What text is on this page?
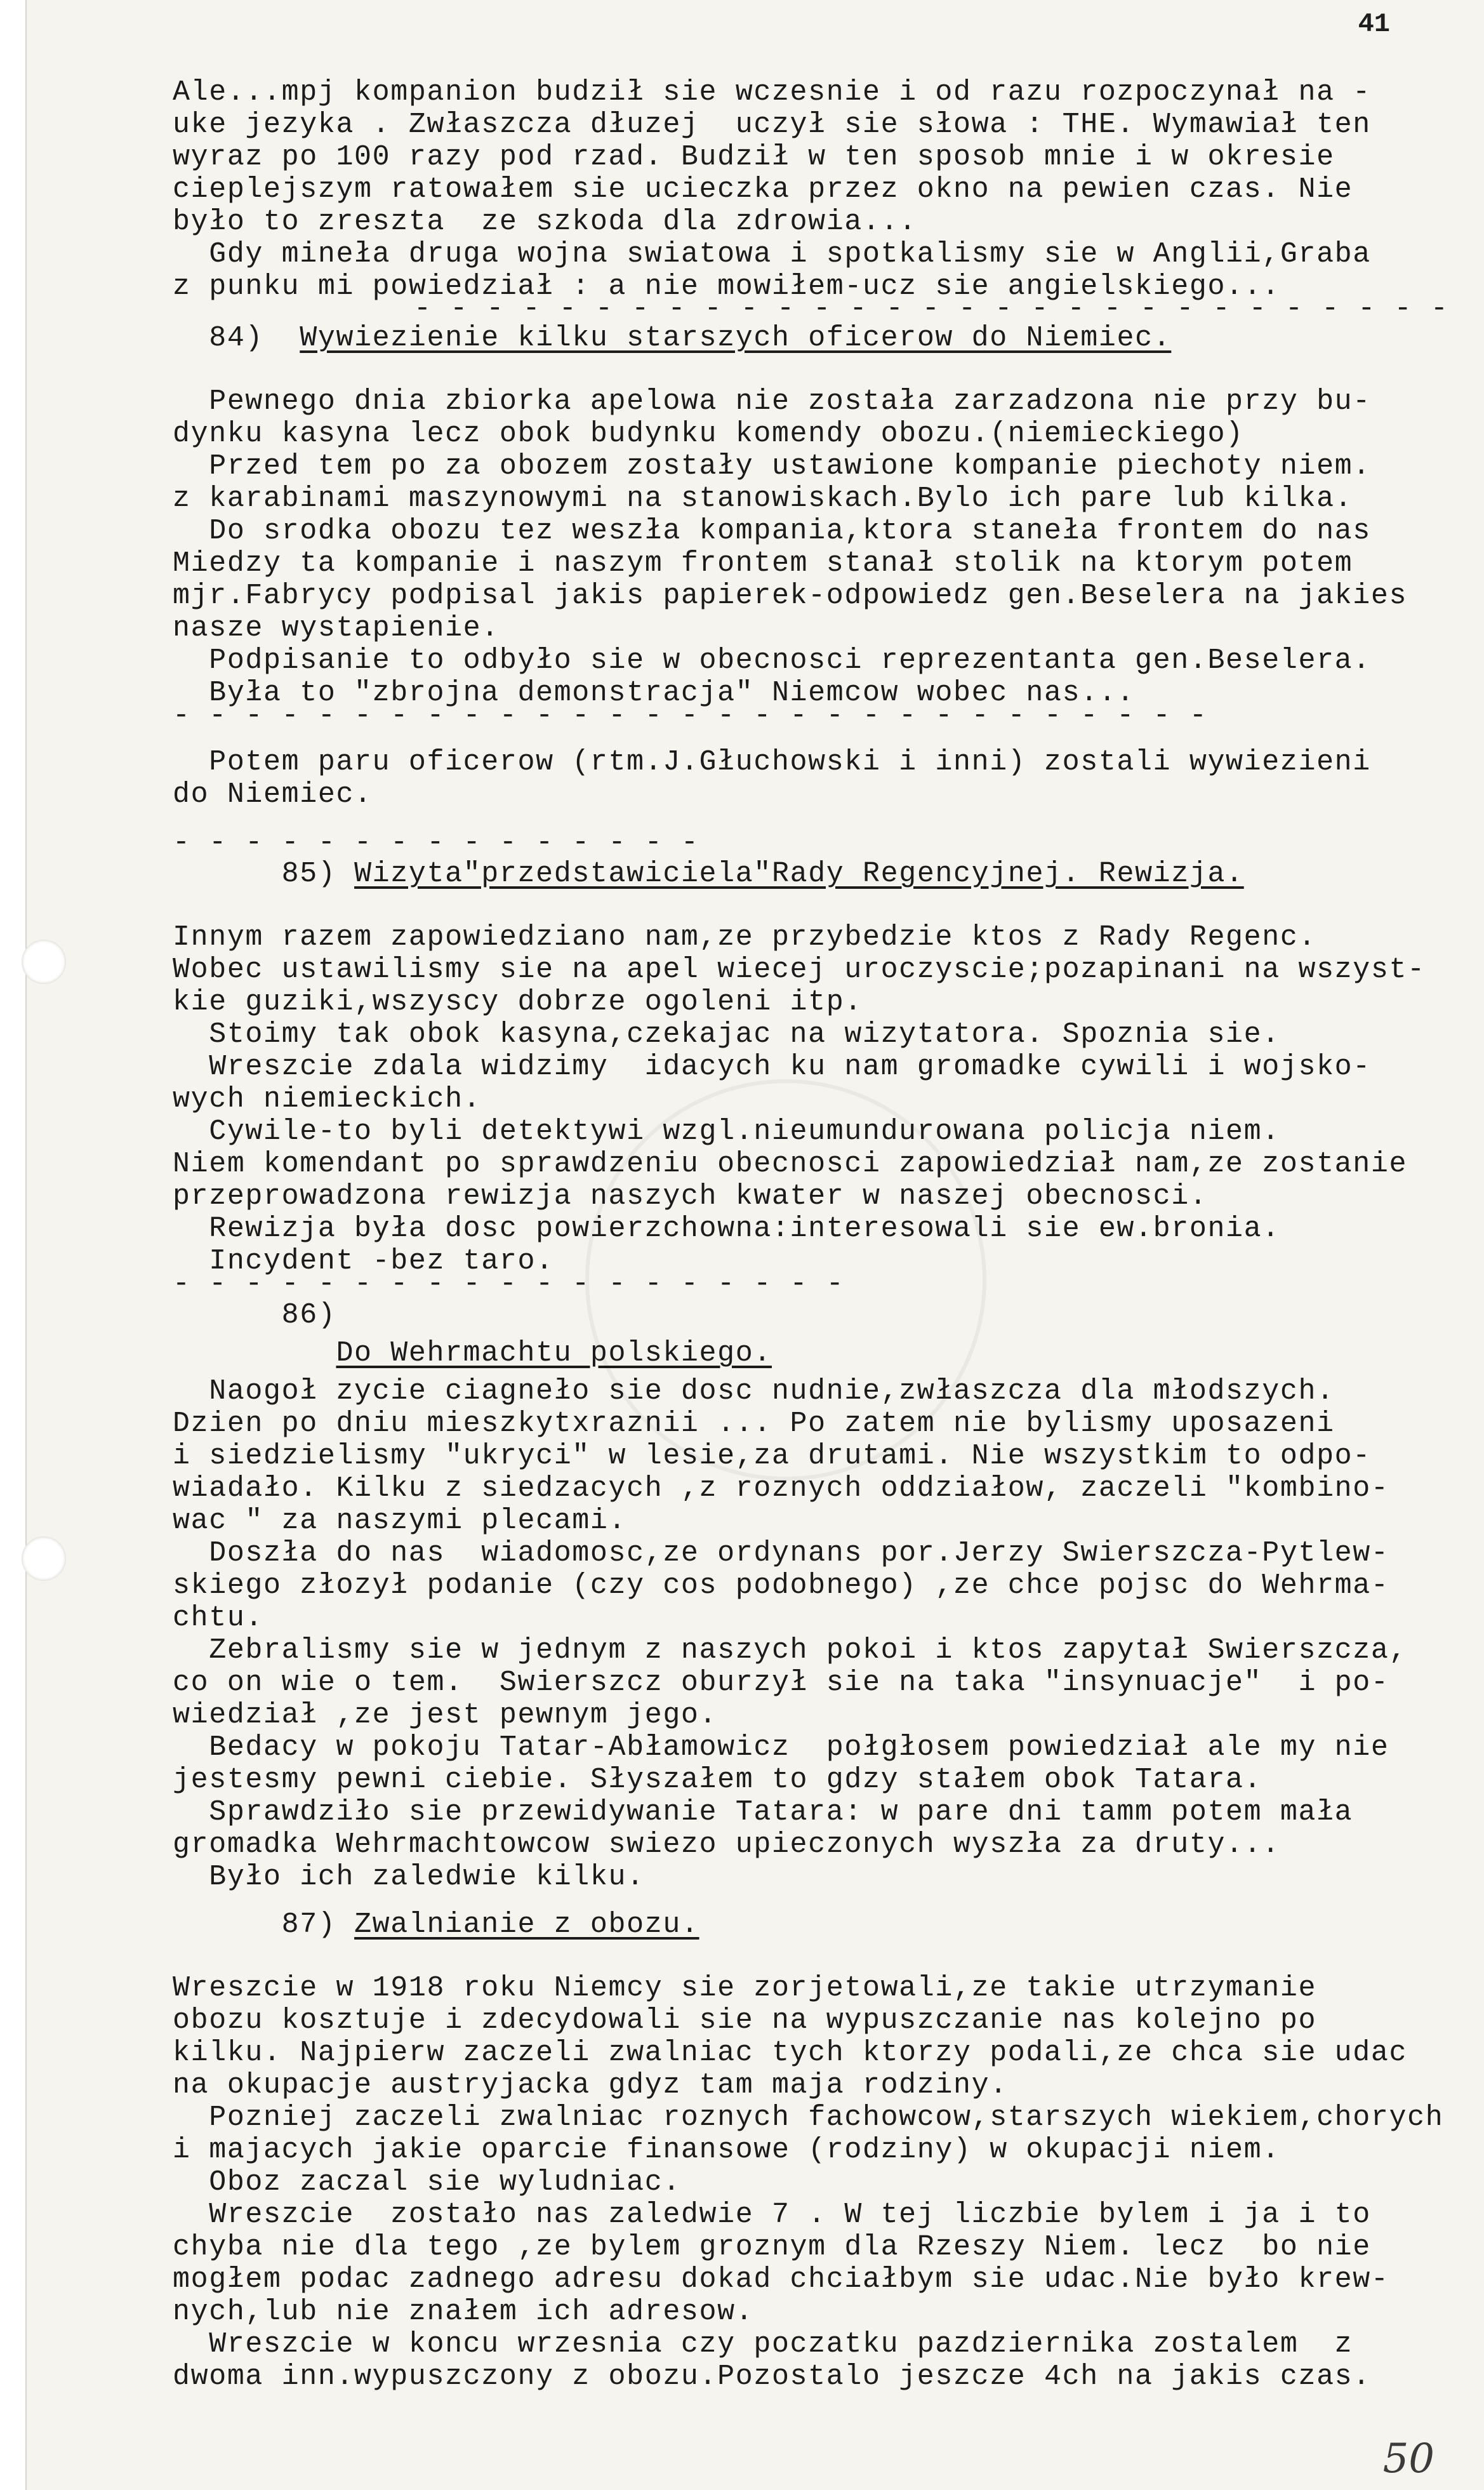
41
Ale...mpj kompanion budził sie wczesnie i od razu rozpoczynał na -
uke jezyka . Zwłaszcza dłuzej  uczył sie słowa : THE. Wymawiał ten
wyraz po 100 razy pod rzad. Budził w ten sposob mnie i w okresie
cieplejszym ratowałem sie ucieczka przez okno na pewien czas. Nie
było to zreszta  ze szkoda dla zdrowia...
Gdy mineła druga wojna swiatowa i spotkalismy sie w Anglii,Graba
z punku mi powiedział : a nie mowiłem-ucz sie angielskiego...
- - - - - - - - - - - - - - - - - - - - - - - - - - - - -
84) Wywiezienie kilku starszych oficerow do Niemiec.
Pewnego dnia zbiorka apelowa nie została zarzadzona nie przy bu-
dynku kasyna lecz obok budynku komendy obozu.(niemieckiego)
Przed tem po za obozem zostały ustawione kompanie piechoty niem.
z karabinami maszynowymi na stanowiskach.Bylo ich pare lub kilka.
Do srodka obozu tez weszła kompania,ktora staneła frontem do nas
Miedzy ta kompanie i naszym frontem stanał stolik na ktorym potem
mjr.Fabrycy podpisal jakis papierek-odpowiedz gen.Beselera na jakies
nasze wystapienie.
Podpisanie to odbyło sie w obecnosci reprezentanta gen.Beselera.
Była to "zbrojna demonstracja" Niemcow wobec nas...
- - - - - - - - - - - - - - - - - - - - - - - - - - - - -
Potem paru oficerow (rtm.J.Głuchowski i inni) zostali wywiezieni
do Niemiec.
- - - - - - - - - - - - - - -
85) Wizyta"przedstawiciela"Rady Regencyjnej. Rewizja.
Innym razem zapowiedziano nam,ze przybedzie ktos z Rady Regenc.
Wobec ustawilismy sie na apel wiecej uroczyscie;pozapinani na wszyst-
kie guziki,wszyscy dobrze ogoleni itp.
Stoimy tak obok kasyna,czekajac na wizytatora. Spoznia sie.
Wreszcie zdala widzimy  idacych ku nam gromadke cywili i wojsko-
wych niemieckich.
Cywile-to byli detektywi wzgl.nieumundurowana policja niem.
Niem komendant po sprawdzeniu obecnosci zapowiedział nam,ze zostanie
przeprowadzona rewizja naszych kwater w naszej obecnosci.
Rewizja była dosc powierzchowna:interesowali sie ew.bronia.
Incydent -bez taro.
- - - - - - - - - - - - - - - - - - -
86)
Do Wehrmachtu polskiego.
Naogoł zycie ciagneło sie dosc nudnie,zwłaszcza dla młodszych.
Dzien po dniu mieszkytxraznii ... Po zatem nie bylismy uposazeni
i siedzielismy "ukryci" w lesie,za drutami. Nie wszystkim to odpo-
wiadało. Kilku z siedzacych ,z roznych oddziałow, zaczeli "kombino-
wac " za naszymi plecami.
Doszła do nas  wiadomosc,ze ordynans por.Jerzy Swierszcza-Pytlew-
skiego złozył podanie (czy cos podobnego) ,ze chce pojsc do Wehrma-
chtu.
Zebralismy sie w jednym z naszych pokoi i ktos zapytał Swierszcza,
co on wie o tem.  Swierszcz oburzył sie na taka "insynuacje"  i po-
wiedział ,ze jest pewnym jego.
Bedacy w pokoju Tatar-Abłamowicz  połgłosem powiedział ale my nie
jestesmy pewni ciebie. Słyszałem to gdzy stałem obok Tatara.
Sprawdziło sie przewidywanie Tatara: w pare dni tamm potem mała
gromadka Wehrmachtowcow swiezo upieczonych wyszła za druty...
Było ich zaledwie kilku.
87) Zwalnianie z obozu.
Wreszcie w 1918 roku Niemcy sie zorjetowali,ze takie utrzymanie
obozu kosztuje i zdecydowali sie na wypuszczanie nas kolejno po
kilku. Najpierw zaczeli zwalniac tych ktorzy podali,ze chca sie udac
na okupacje austryjacka gdyz tam maja rodziny.
Pozniej zaczeli zwalniac roznych fachowcow,starszych wiekiem,chorych
i majacych jakie oparcie finansowe (rodziny) w okupacji niem.
Oboz zaczal sie wyludniac.
Wreszcie  zostało nas zaledwie 7 . W tej liczbie bylem i ja i to
chyba nie dla tego ,ze bylem groznym dla Rzeszy Niem. lecz  bo nie
mogłem podac zadnego adresu dokad chciałbym sie udac.Nie było krew-
nych,lub nie znałem ich adresow.
Wreszcie w koncu wrzesnia czy poczatku pazdziernika zostalem  z
dwoma inn.wypuszczony z obozu.Pozostalo jeszcze 4ch na jakis czas.
50
